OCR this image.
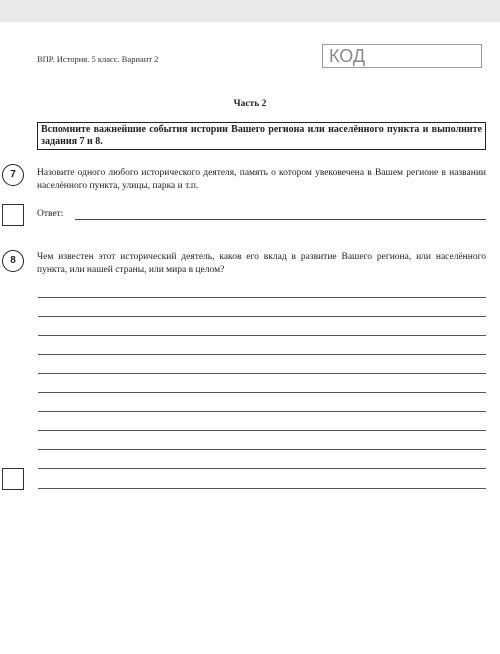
ВПР. История. 5 класс. Вариант 2	КОД
Часть 2
Вспомните важнейшие события истории Вашего региона или населённого пункта и выполните задания 7 и 8.
7	Назовите одного любого исторического деятеля, память о котором увековечена в Вашем регионе в названии населённого пункта, улицы, парка и т.п.
Ответ:
8	Чем известен этот исторический деятель, каков его вклад в развитие Вашего региона, или населённого пункта, или нашей страны, или мира в целом?
